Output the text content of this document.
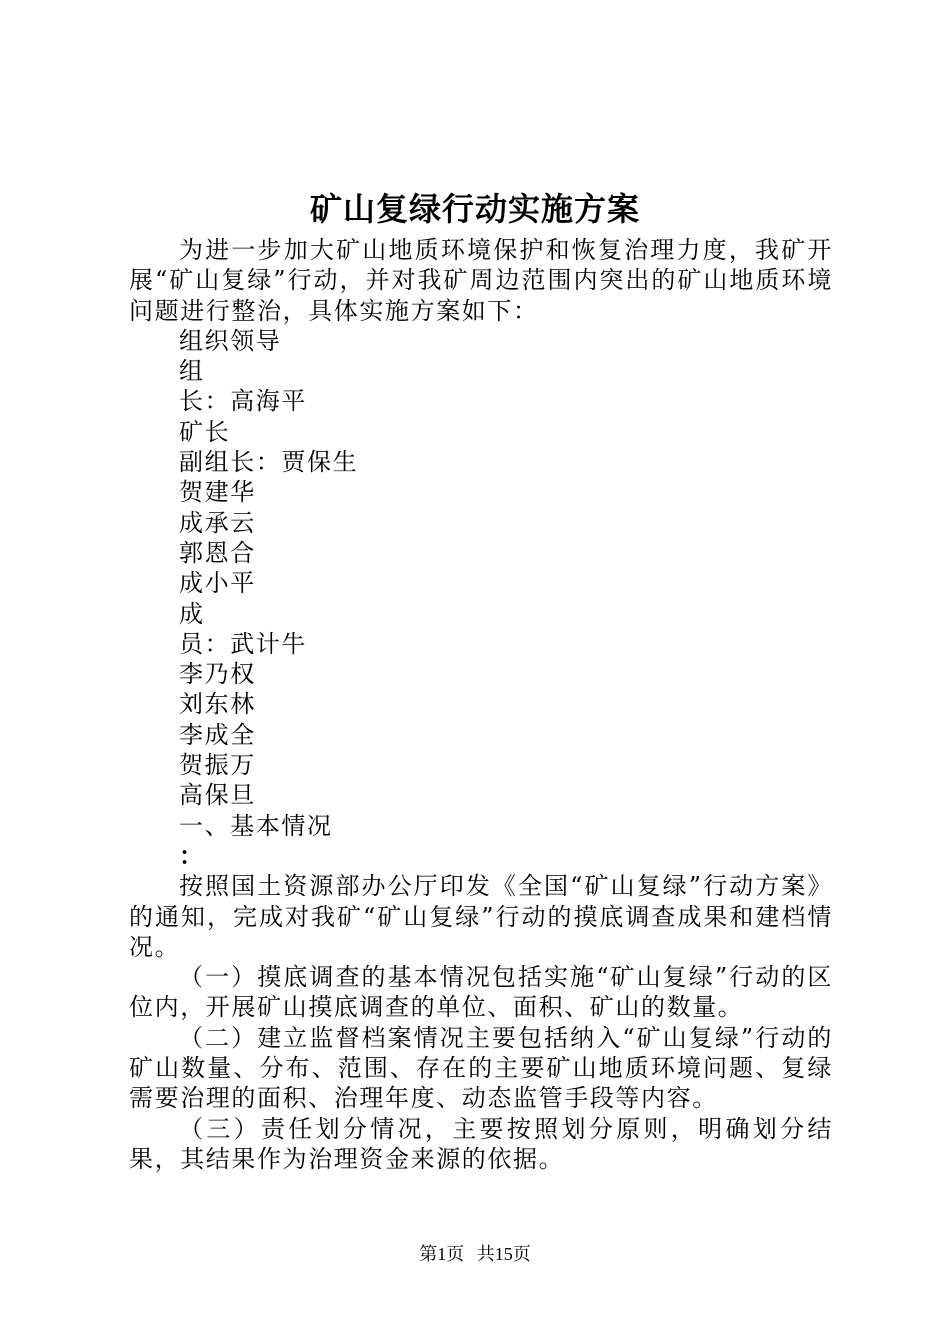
矿山复绿行动实施方案

为进一步加大矿山地质环境保护和恢复治理力度，我矿开展“矿山复绿”行动，并对我矿周边范围内突出的矿山地质环境问题进行整治，具体实施方案如下：

组织领导

组

长：高海平

矿长

副组长：贾保生

贺建华

成承云

郭恩合

成小平

成

员：武计牛

李乃权

刘东林

李成全

贺振万

高保旦

一、基本情况

：

按照国土资源部办公厅印发《全国“矿山复绿”行动方案》的通知，完成对我矿“矿山复绿”行动的摸底调查成果和建档情况。

（一）摸底调查的基本情况包括实施“矿山复绿”行动的区位内，开展矿山摸底调查的单位、面积、矿山的数量。

（二）建立监督档案情况主要包括纳入“矿山复绿”行动的矿山数量、分布、范围、存在的主要矿山地质环境问题、复绿需要治理的面积、治理年度、动态监管手段等内容。

（三）责任划分情况，主要按照划分原则，明确划分结果，其结果作为治理资金来源的依据。

第1页 共15页
